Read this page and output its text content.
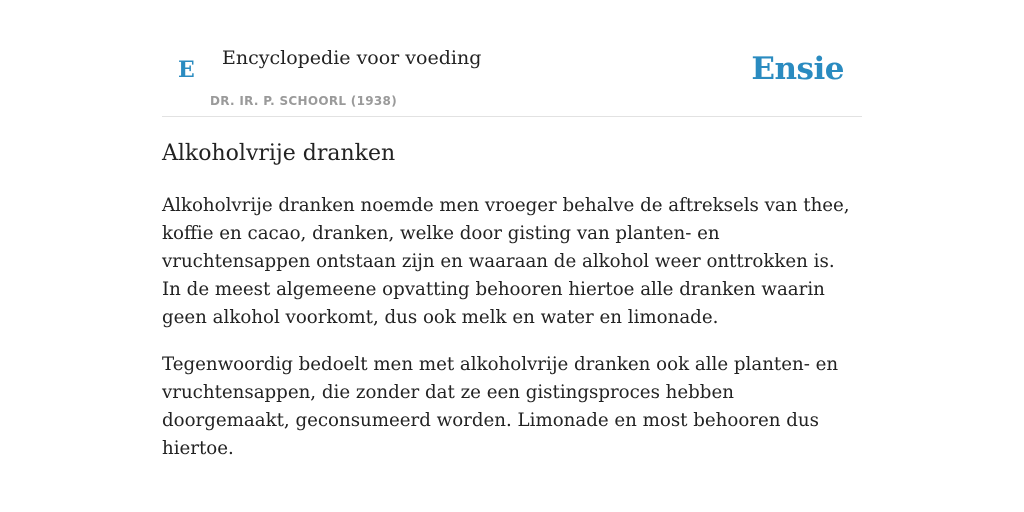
E Encyclopedie voor voeding
DR. IR. P. SCHOORL (1938)
Ensie
Alkoholvrije dranken

Alkoholvrije dranken noemde men vroeger behalve de aftreksels van thee, koffie en cacao, dranken, welke door gisting van planten- en vruchtensappen ontstaan zijn en waaraan de alkohol weer onttrokken is. In de meest algemeene opvatting behooren hiertoe alle dranken waarin geen alkohol voorkomt, dus ook melk en water en limonade.

Tegenwoordig bedoelt men met alkoholvrije dranken ook alle planten- en vruchtensappen, die zonder dat ze een gistingsproces hebben doorgemaakt, geconsumeerd worden. Limonade en most behooren dus hiertoe.
